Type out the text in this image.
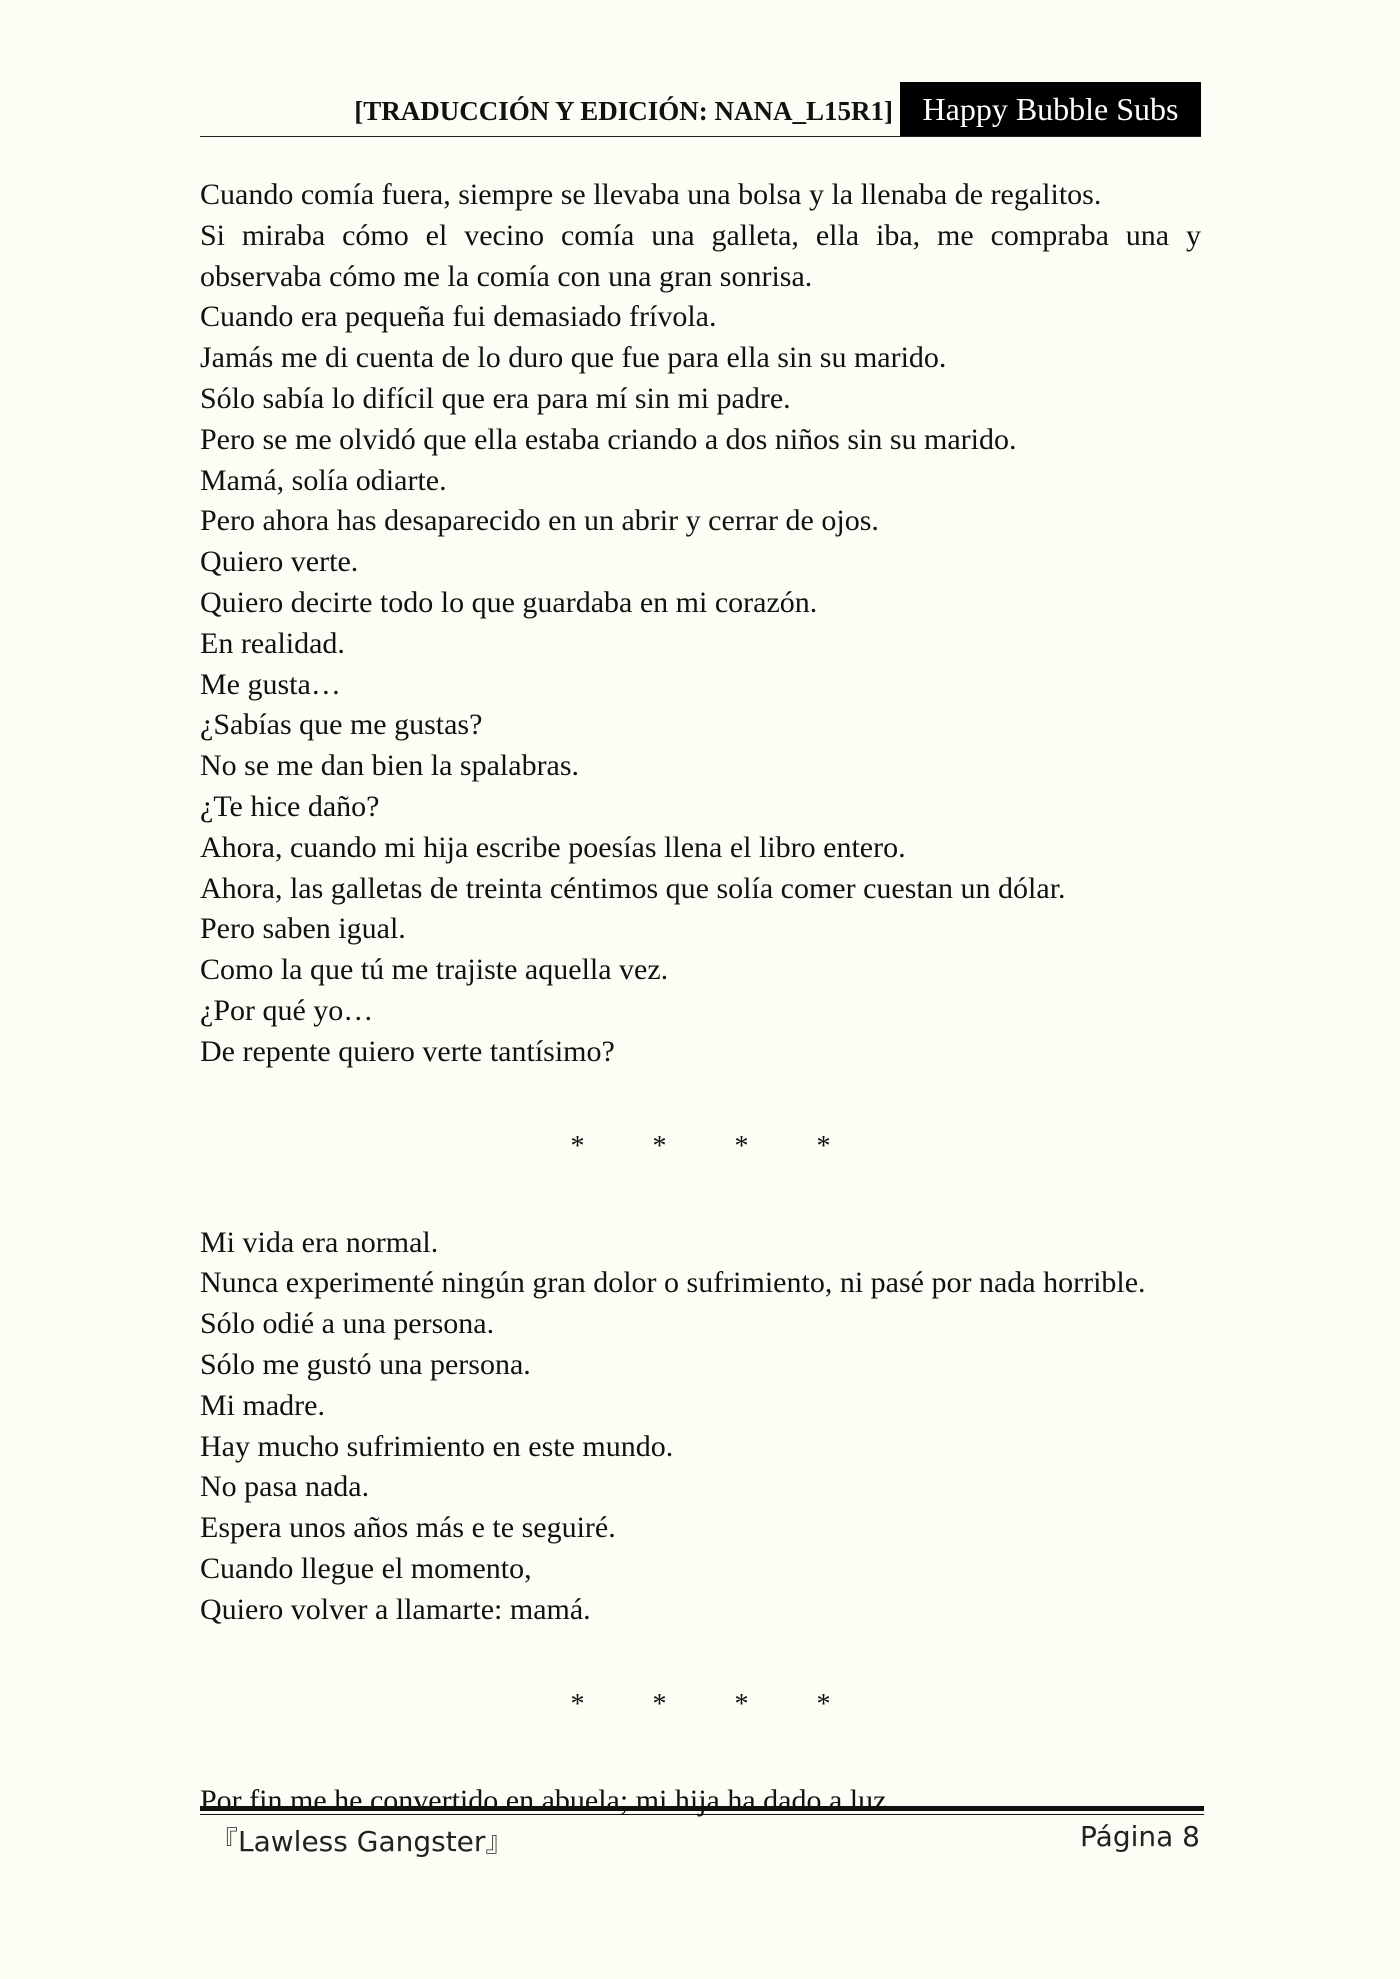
[TRADUCCIÓN Y EDICIÓN: NANA_L15R1] Happy Bubble Subs

Cuando comía fuera, siempre se llevaba una bolsa y la llenaba de regalitos.

Si miraba cómo el vecino comía una galleta, ella iba, me compraba una y observaba cómo me la comía con una gran sonrisa.

Cuando era pequeña fui demasiado frívola.

Jamás me di cuenta de lo duro que fue para ella sin su marido.

Sólo sabía lo difícil que era para mí sin mi padre.

Pero se me olvidó que ella estaba criando a dos niños sin su marido.

Mamá, solía odiarte.

Pero ahora has desaparecido en un abrir y cerrar de ojos.

Quiero verte.

Quiero decirte todo lo que guardaba en mi corazón.

En realidad.

Me gusta…

¿Sabías que me gustas?

No se me dan bien la spalabras.

¿Te hice daño?

Ahora, cuando mi hija escribe poesías llena el libro entero.

Ahora, las galletas de treinta céntimos que solía comer cuestan un dólar.

Pero saben igual.

Como la que tú me trajiste aquella vez.

¿Por qué yo…

De repente quiero verte tantísimo?

* * * *

Mi vida era normal.

Nunca experimenté ningún gran dolor o sufrimiento, ni pasé por nada horrible.

Sólo odié a una persona.

Sólo me gustó una persona.

Mi madre.

Hay mucho sufrimiento en este mundo.

No pasa nada.

Espera unos años más e te seguiré.

Cuando llegue el momento,

Quiero volver a llamarte: mamá.

* * * *

Por fin me he convertido en abuela; mi hija ha dado a luz.

『Lawless Gangster』	Página 8
